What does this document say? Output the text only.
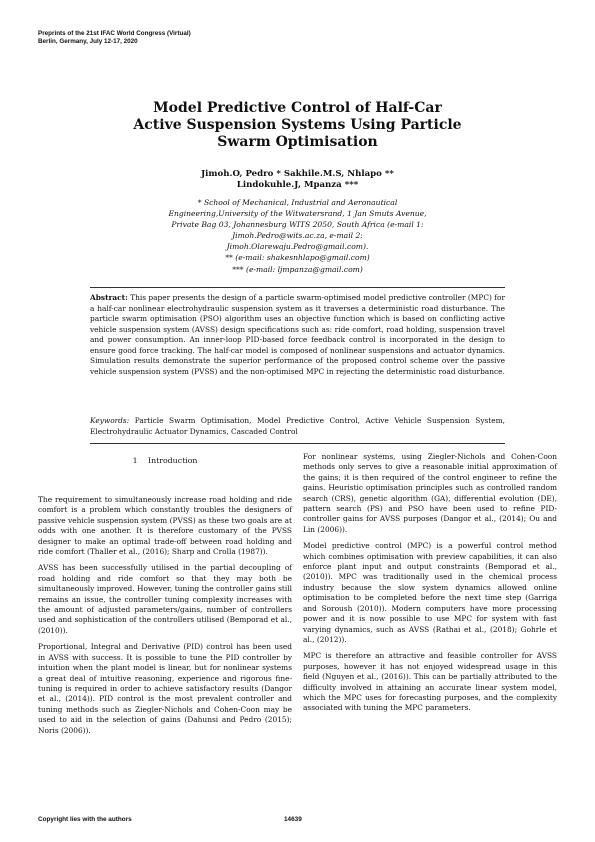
Preprints of the 21st IFAC World Congress (Virtual)
Berlin, Germany, July 12-17, 2020
Model Predictive Control of Half-Car
Active Suspension Systems Using Particle
Swarm Optimisation
Jimoh.O, Pedro * Sakhile.M.S, Nhlapo **
Lindokuhle.J, Mpanza ***
* School of Mechanical, Industrial and Aeronautical
Engineering,University of the Witwatersrand, 1 Jan Smuts Avenue,
Private Bag 03, Johannesburg WITS 2050, South Africa (e-mail 1:
Jimoh.Pedro@wits.ac.za, e-mail 2:
Jimoh.Olarewaju.Pedro@gmail.com).
** (e-mail: shakesnhlapo@gmail.com)
*** (e-mail: ljmpanza@gmail.com)
Abstract: This paper presents the design of a particle swarm-optimised model predictive controller (MPC) for a half-car nonlinear electrohydraulic suspension system as it traverses a deterministic road disturbance. The particle swarm optimisation (PSO) algorithm uses an objective function which is based on conflicting active vehicle suspension system (AVSS) design specifications such as: ride comfort, road holding, suspension travel and power consumption. An inner-loop PID-based force feedback control is incorporated in the design to ensure good force tracking. The half-car model is composed of nonlinear suspensions and actuator dynamics. Simulation results demonstrate the superior performance of the proposed control scheme over the passive vehicle suspension system (PVSS) and the non-optimised MPC in rejecting the deterministic road disturbance.
Keywords: Particle Swarm Optimisation, Model Predictive Control, Active Vehicle Suspension System, Electrohydraulic Actuator Dynamics, Cascaded Control
1 Introduction

The requirement to simultaneously increase road holding and ride comfort is a problem which constantly troubles the designers of passive vehicle suspension system (PVSS) as these two goals are at odds with one another. It is therefore customary of the PVSS designer to make an optimal trade-off between road holding and ride comfort (Thaller et al., (2016); Sharp and Crolla (1987)).

AVSS has been successfully utilised in the partial decoupling of road holding and ride comfort so that they may both be simultaneously improved. However, tuning the controller gains still remains an issue, the controller tuning complexity increases with the amount of adjusted parameters/gains, number of controllers used and sophistication of the controllers utilised (Bemporad et al., (2010)).

Proportional, Integral and Derivative (PID) control has been used in AVSS with success. It is possible to tune the PID controller by intuition when the plant model is linear, but for nonlinear systems a great deal of intuitive reasoning, experience and rigorous fine-tuning is required in order to achieve satisfactory results (Dangor et al., (2014)). PID control is the most prevalent controller and tuning methods such as Ziegler-Nichols and Cohen-Coon may be used to aid in the selection of gains (Dahunsi and Pedro (2015); Noris (2006)).

For nonlinear systems, using Ziegler-Nichols and Cohen-Coon methods only serves to give a reasonable initial approximation of the gains; it is then required of the control engineer to refine the gains. Heuristic optimisation principles such as controlled random search (CRS), genetic algorithm (GA), differential evolution (DE), pattern search (PS) and PSO have been used to refine PID-controller gains for AVSS purposes (Dangor et al., (2014); Ou and Lin (2006)).

Model predictive control (MPC) is a powerful control method which combines optimisation with preview capabilities, it can also enforce plant input and output constraints (Bemporad et al., (2010)). MPC was traditionally used in the chemical process industry because the slow system dynamics allowed online optimisation to be completed before the next time step (Garriga and Soroush (2010)). Modern computers have more processing power and it is now possible to use MPC for system with fast varying dynamics, such as AVSS (Rathai et al., (2018); Gohrle et al., (2012)).

MPC is therefore an attractive and feasible controller for AVSS purposes, however it has not enjoyed widespread usage in this field (Nguyen et al., (2016)). This can be partially attributed to the difficulty involved in attaining an accurate linear system model, which the MPC uses for forecasting purposes, and the complexity associated with tuning the MPC parameters.

Copyright lies with the authors	14639
